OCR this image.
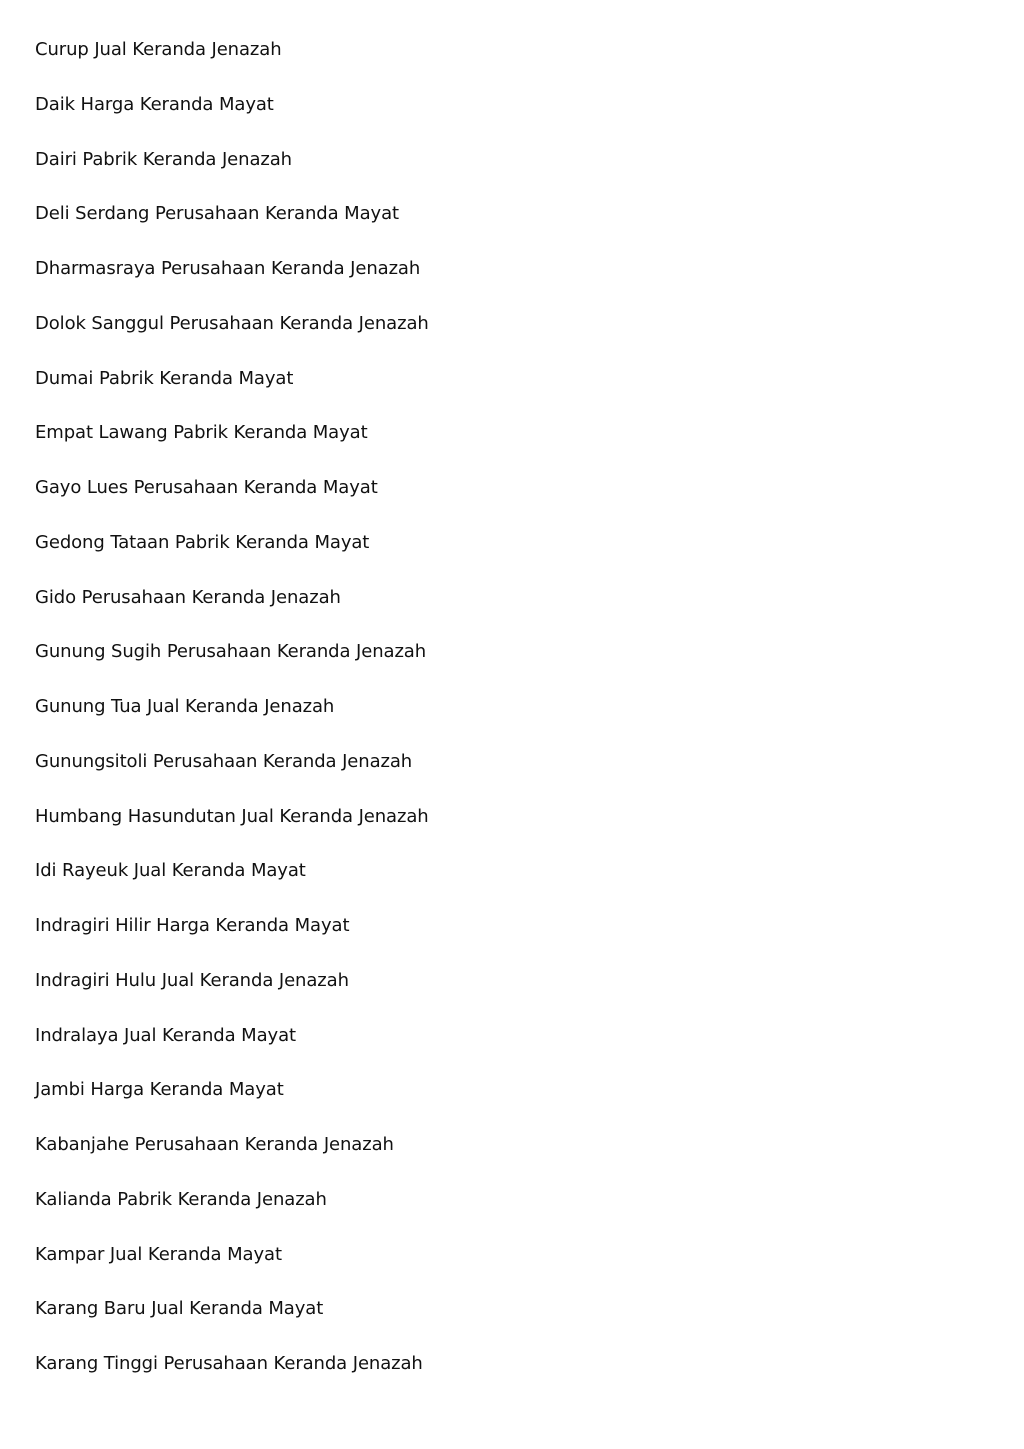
Curup Jual Keranda Jenazah
Daik Harga Keranda Mayat
Dairi Pabrik Keranda Jenazah
Deli Serdang Perusahaan Keranda Mayat
Dharmasraya Perusahaan Keranda Jenazah
Dolok Sanggul Perusahaan Keranda Jenazah
Dumai Pabrik Keranda Mayat
Empat Lawang Pabrik Keranda Mayat
Gayo Lues Perusahaan Keranda Mayat
Gedong Tataan Pabrik Keranda Mayat
Gido Perusahaan Keranda Jenazah
Gunung Sugih Perusahaan Keranda Jenazah
Gunung Tua Jual Keranda Jenazah
Gunungsitoli Perusahaan Keranda Jenazah
Humbang Hasundutan Jual Keranda Jenazah
Idi Rayeuk Jual Keranda Mayat
Indragiri Hilir Harga Keranda Mayat
Indragiri Hulu Jual Keranda Jenazah
Indralaya Jual Keranda Mayat
Jambi Harga Keranda Mayat
Kabanjahe Perusahaan Keranda Jenazah
Kalianda Pabrik Keranda Jenazah
Kampar Jual Keranda Mayat
Karang Baru Jual Keranda Mayat
Karang Tinggi Perusahaan Keranda Jenazah
